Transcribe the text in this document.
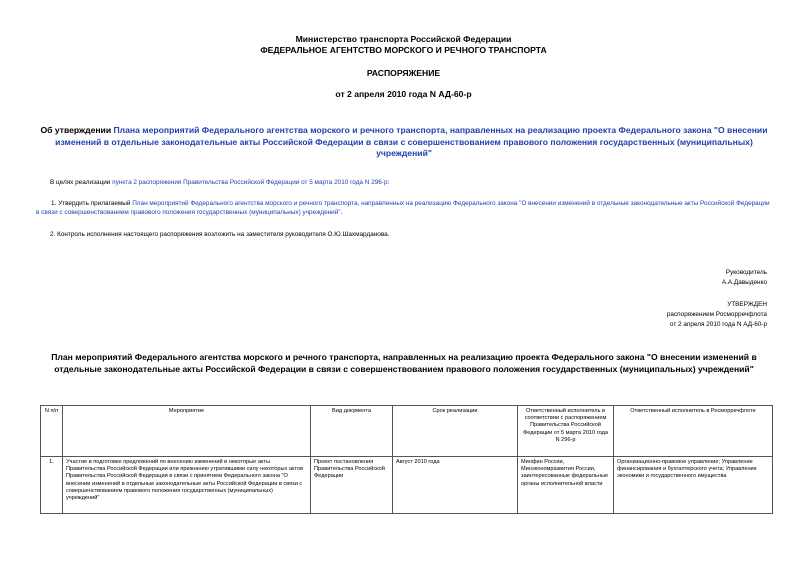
Министерство транспорта Российской Федерации
ФЕДЕРАЛЬНОЕ АГЕНТСТВО МОРСКОГО И РЕЧНОГО ТРАНСПОРТА
РАСПОРЯЖЕНИЕ
от 2 апреля 2010 года N АД-60-р
Об утверждении Плана мероприятий Федерального агентства морского и речного транспорта, направленных на реализацию проекта Федерального закона "О внесении изменений в отдельные законодательные акты Российской Федерации в связи с совершенствованием правового положения государственных (муниципальных) учреждений"
В целях реализации пункта 2 распоряжения Правительства Российской Федерации от 5 марта 2010 года N 296-р:
1. Утвердить прилагаемый План мероприятий Федерального агентства морского и речного транспорта, направленных на реализацию Федерального закона "О внесении изменений в отдельные законодательные акты Российской Федерации в связи с совершенствованием правового положения государственных (муниципальных) учреждений".
2. Контроль исполнения настоящего распоряжения возложить на заместителя руководителя О.Ю.Шахмарданова.
Руководитель
А.А.Давыденко
УТВЕРЖДЕН
распоряжением Росморречфлота
от 2 апреля 2010 года N АД-60-р
План мероприятий Федерального агентства морского и речного транспорта, направленных на реализацию проекта Федерального закона "О внесении изменений в отдельные законодательные акты Российской Федерации в связи с совершенствованием правового положения государственных (муниципальных) учреждений"
N п/п	Мероприятие	Вид документа	Срок реализации	Ответственный исполнитель в соответствии с распоряжением Правительства Российской Федерации от 5 марта 2010 года N 296-р	Ответственный исполнитель в Росморречфлоте
1.	Участие в подготовке предложений по внесению изменений в некоторые акты Правительства Российской Федерации или признанию утратившими силу некоторых актов Правительства Российской Федерации в связи с принятием Федерального закона "О внесении изменений в отдельные законодательные акты Российской Федерации в связи с совершенствованием правового положения государственных (муниципальных) учреждений"	Проект постановления Правительства Российской Федерации	Август 2010 года	Минфин России, Минэкономразвития России, заинтересованные федеральные органы исполнительной власти	Организационно-правовое управление; Управление финансирования и бухгалтерского учета; Управление экономики и государственного имущества
